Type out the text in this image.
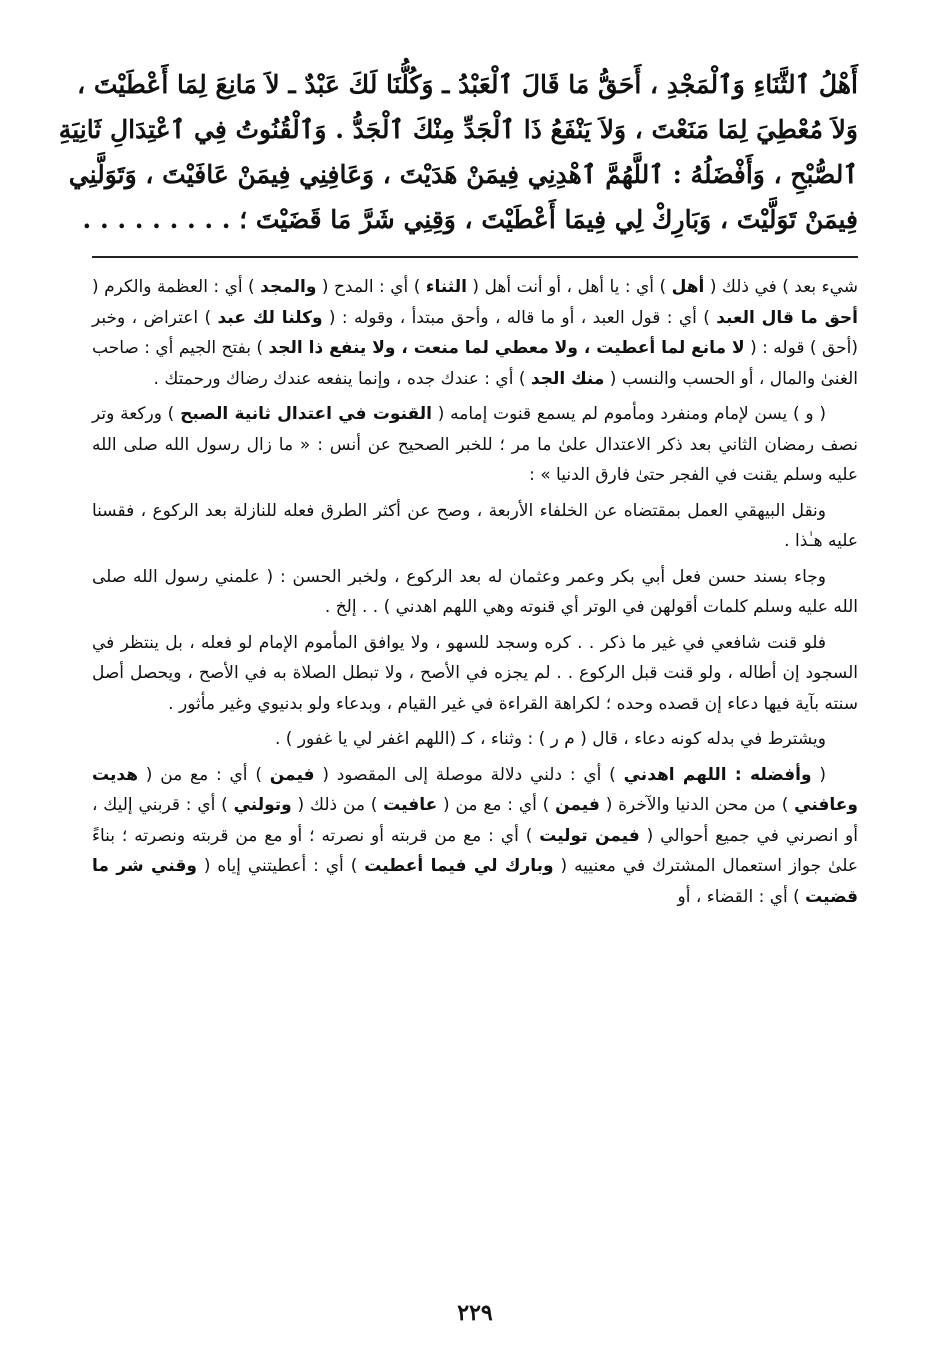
أَهْلُ ٱلثَّنَاءِ وَٱلْمَجْدِ ، أَحَقُّ مَا قَالَ ٱلْعَبْدُ ـ وَكُلُّنَا لَكَ عَبْدٌ ـ لاَ مَانِعَ لِمَا أَعْطَيْتَ ،
وَلاَ مُعْطِيَ لِمَا مَنَعْتَ ، وَلاَ يَنْفَعُ ذَا ٱلْجَدِّ مِنْكَ ٱلْجَدُّ . وَٱلْقُنُوتُ فِي ٱعْتِدَالِ ثَانِيَةِ
ٱلصُّبْحِ ، وَأَفْضَلُهُ : ٱللَّهُمَّ ٱهْدِنِي فِيمَنْ هَدَيْتَ ، وَعَافِنِي فِيمَنْ عَافَيْتَ ، وَتَوَلَّنِي
فِيمَنْ تَوَلَّيْتَ ، وَبَارِكْ لِي فِيمَا أَعْطَيْتَ ، وَقِنِي شَرَّ مَا قَضَيْتَ ؛ . . . . . . . . .

شيء بعد ) في ذلك ( أهل ) أي : يا أهل ، أو أنت أهل ( الثناء ) أي : المدح ( والمجد ) أي : العظمة والكرم ( أحق ما قال العبد ) أي : قول العبد ، أو ما قاله ، وأحق مبتدأ ، وقوله : ( وكلنا لك عبد ) اعتراض ، وخبر (أحق ) قوله : ( لا مانع لما أعطيت ، ولا معطي لما منعت ، ولا ينفع ذا الجد ) بفتح الجيم أي : صاحب الغنىٰ والمال ، أو الحسب والنسب ( منك الجد ) أي : عندك جده ، وإنما ينفعه عندك رضاك ورحمتك .

( و ) يسن لإمام ومنفرد ومأموم لم يسمع قنوت إمامه ( القنوت في اعتدال ثانية الصبح ) وركعة وتر نصف رمضان الثاني بعد ذكر الاعتدال علىٰ ما مر ؛ للخبر الصحيح عن أنس : « ما زال رسول الله صلى الله عليه وسلم يقنت في الفجر حتىٰ فارق الدنيا » :

ونقل البيهقي العمل بمقتضاه عن الخلفاء الأربعة ، وصح عن أكثر الطرق فعله للنازلة بعد الركوع ، فقسنا عليه هـٰذا .

وجاء بسند حسن فعل أبي بكر وعمر وعثمان له بعد الركوع ، ولخبر الحسن : ( علمني رسول الله صلى الله عليه وسلم كلمات أقولهن في الوتر أي قنوته وهي اللهم اهدني ) . . إلخ .

فلو قنت شافعي في غير ما ذكر . . كره وسجد للسهو ، ولا يوافق المأموم الإمام لو فعله ، بل ينتظر في السجود إن أطاله ، ولو قنت قبل الركوع . . لم يجزه في الأصح ، ولا تبطل الصلاة به في الأصح ، ويحصل أصل سنته بآية فيها دعاء إن قصده وحده ؛ لكراهة القراءة في غير القيام ، وبدعاء ولو بدنيوي وغير مأثور .

ويشترط في بدله كونه دعاء ، قال ( م ر ) : وثناء ، كـ (اللهم اغفر لي يا غفور ) .

( وأفضله : اللهم اهدني ) أي : دلني دلالة موصلة إلى المقصود ( فيمن ) أي : مع من ( هديت وعافني ) من محن الدنيا والآخرة ( فيمن ) أي : مع من ( عافيت ) من ذلك ( وتولني ) أي : قربني إليك ، أو انصرني في جميع أحوالي ( فيمن توليت ) أي : مع من قربته أو نصرته ؛ أو مع من قربته ونصرته ؛ بناءً علىٰ جواز استعمال المشترك في معنييه ( وبارك لي فيما أعطيت ) أي : أعطيتني إياه ( وقني شر ما قضيت ) أي : القضاء ، أو

٢٢٩
